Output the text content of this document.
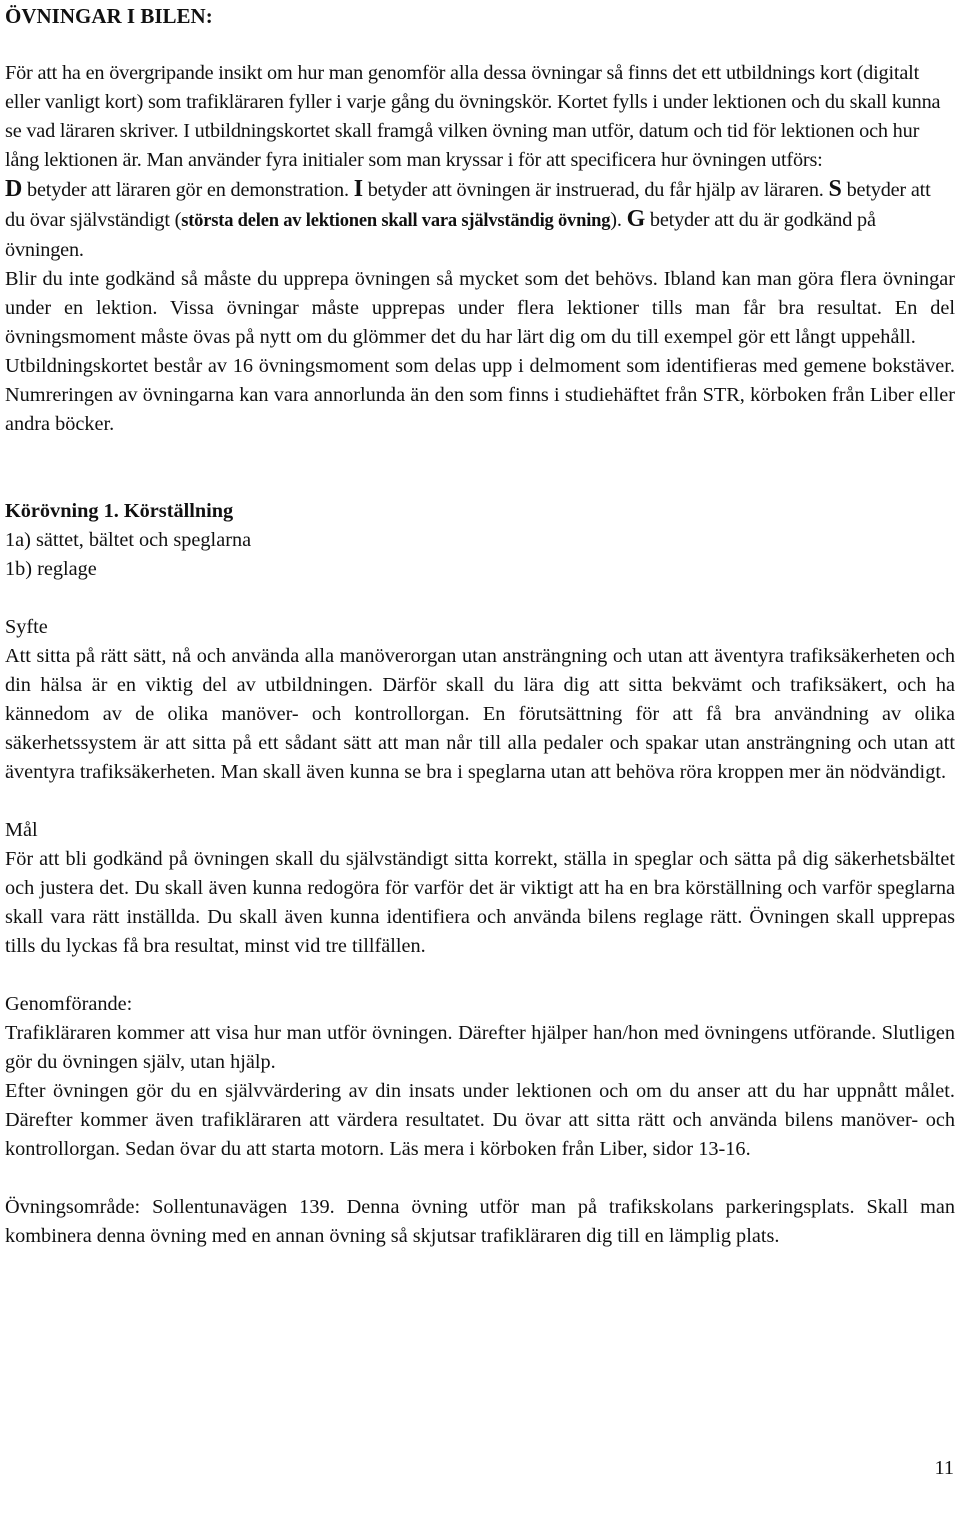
ÖVNINGAR I BILEN:

För att ha en övergripande insikt om hur man genomför alla dessa övningar så finns det ett utbildnings kort (digitalt eller vanligt kort) som trafikläraren fyller i varje gång du övningskör. Kortet fylls i under lektionen och du skall kunna se vad läraren skriver. I utbildningskortet skall framgå vilken övning man utför, datum och tid för lektionen och hur lång lektionen är. Man använder fyra initialer som man kryssar i för att specificera hur övningen utförs:
D betyder att läraren gör en demonstration. I betyder att övningen är instruerad, du får hjälp av läraren. S betyder att du övar självständigt (största delen av lektionen skall vara självständig övning). G betyder att du är godkänd på övningen.

Blir du inte godkänd så måste du upprepa övningen så mycket som det behövs. Ibland kan man göra flera övningar under en lektion. Vissa övningar måste upprepas under flera lektioner tills man får bra resultat. En del övningsmoment måste övas på nytt om du glömmer det du har lärt dig om du till exempel gör ett långt uppehåll.

Utbildningskortet består av 16 övningsmoment som delas upp i delmoment som identifieras med gemene bokstäver. Numreringen av övningarna kan vara annorlunda än den som finns i studiehäftet från STR, körboken från Liber eller andra böcker.

Körövning 1. Körställning

1a) sättet, bältet och speglarna

1b) reglage

Syfte

Att sitta på rätt sätt, nå och använda alla manöverorgan utan ansträngning och utan att äventyra trafiksäkerheten och din hälsa är en viktig del av utbildningen. Därför skall du lära dig att sitta bekvämt och trafiksäkert, och ha kännedom av de olika manöver- och kontrollorgan. En förutsättning för att få bra användning av olika säkerhetssystem är att sitta på ett sådant sätt att man når till alla pedaler och spakar utan ansträngning och utan att äventyra trafiksäkerheten. Man skall även kunna se bra i speglarna utan att behöva röra kroppen mer än nödvändigt.

Mål

För att bli godkänd på övningen skall du självständigt sitta korrekt, ställa in speglar och sätta på dig säkerhetsbältet och justera det. Du skall även kunna redogöra för varför det är viktigt att ha en bra körställning och varför speglarna skall vara rätt inställda. Du skall även kunna identifiera och använda bilens reglage rätt. Övningen skall upprepas tills du lyckas få bra resultat, minst vid tre tillfällen.

Genomförande:

Trafikläraren kommer att visa hur man utför övningen. Därefter hjälper han/hon med övningens utförande. Slutligen gör du övningen själv, utan hjälp.

Efter övningen gör du en självvärdering av din insats under lektionen och om du anser att du har uppnått målet. Därefter kommer även trafikläraren att värdera resultatet. Du övar att sitta rätt och använda bilens manöver- och kontrollorgan. Sedan övar du att starta motorn. Läs mera i körboken från Liber, sidor 13-16.

Övningsområde: Sollentunavägen 139. Denna övning utför man på trafikskolans parkeringsplats. Skall man kombinera denna övning med en annan övning så skjutsar trafikläraren dig till en lämplig plats.

11
